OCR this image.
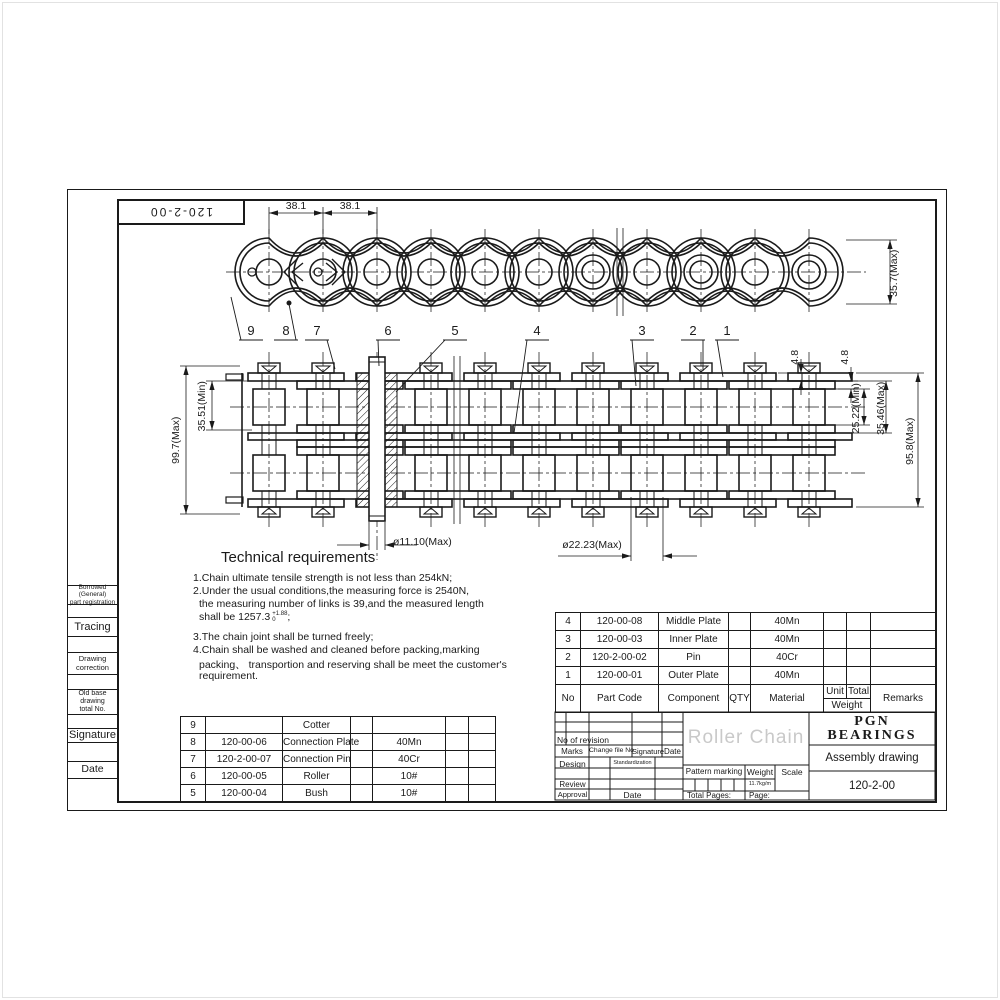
120-2-00
Technical requirements
1.Chain ultimate tensile strength is not less than 254kN;
2.Under the usual conditions,the measuring force is 2540N,
the measuring number of links is 39,and the measured length
shall be 1257.3 +1.88
0	;
3.The chain joint shall be turned freely;
4.Chain shall be washed and cleaned before packing,marking
packing、 transportion and reserving shall be meet the customer's
requirement.
4	120-00-08	Middle Plate		40Mn			
3	120-00-03	Inner Plate		40Mn			
2	120-2-00-02	Pin		40Cr			
1	120-00-01	Outer Plate		40Mn			
No	Part Code	Component	QTY	Material	Unit	Total	Remarks
					Weight		
9		Cotter				
8	120-00-06	Connection Plate		40Mn		
7	120-2-00-07	Connection Pin		40Cr		
6	120-00-05	Roller		10#		
5	120-00-04	Bush		10#		
Borrowed (General)
part registration
Tracing
Drawing correction
Old base drawing
total No.
Signature
Date
38.1	38.1
35.7(Max)
99.7(Max)
35.51(Min)
4.8	4.8
25.22(Min) 35.46(Max)
95.8(Max)
ø11.10(Max)	ø22.23(Max)
9	8	7	6	5	4	3	2	1
No of revision
Marks Change file No
Signature Date
Design	Standardization
Review
Approval	Date
Roller Chain
Pattern marking Weight Scale
11.7kg/m
Total Pages:	Page:
PGN
BEARINGS
Assembly drawing
120-2-00
